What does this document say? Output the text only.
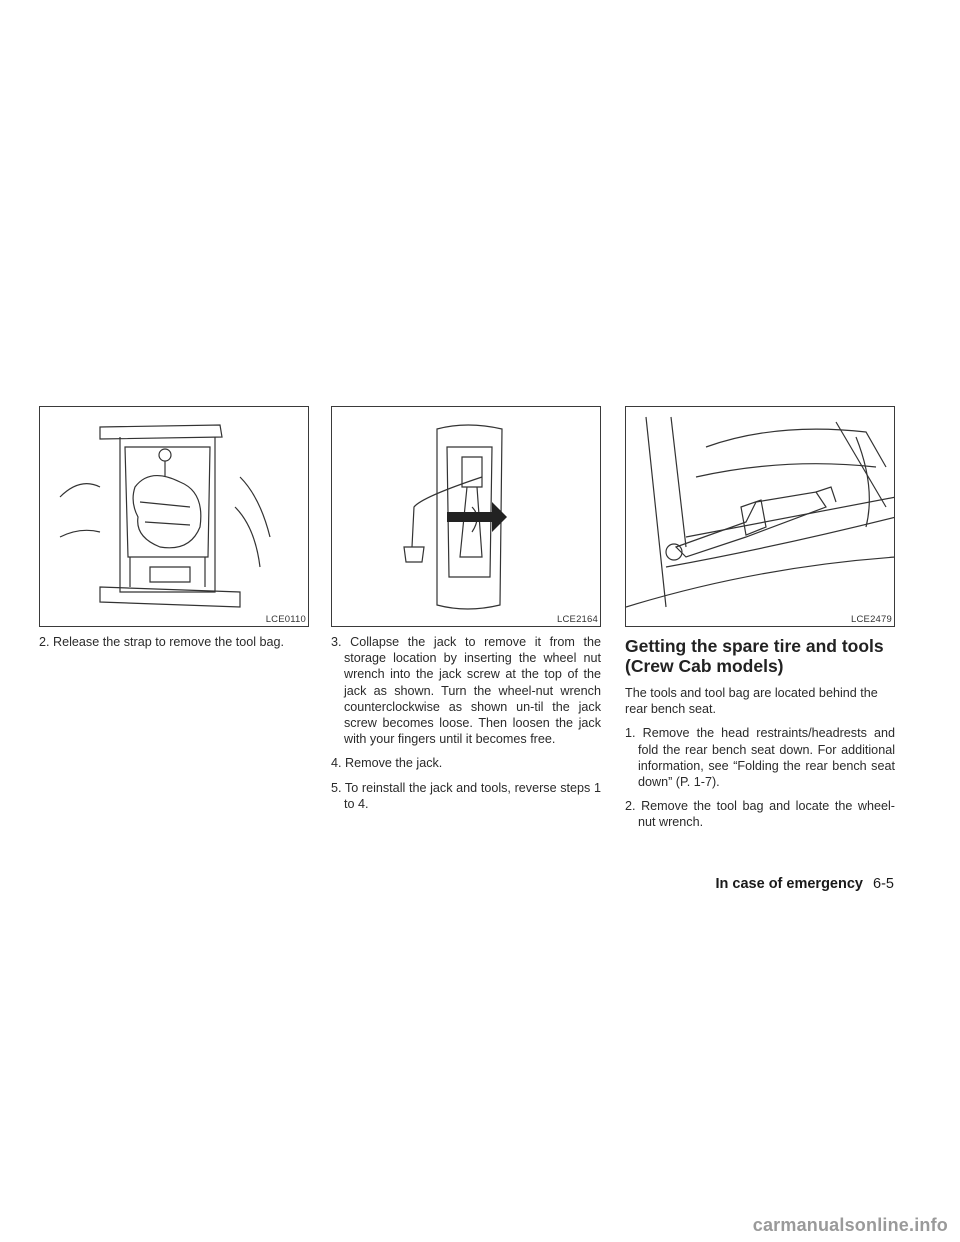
LCE0110	LCE2164	LCE2479

2. Release the strap to remove the tool bag.	3. Collapse the jack to remove it from the storage location by inserting the wheel nut wrench into the jack screw at the top of the jack as shown. Turn the wheel-nut wrench counterclockwise as shown un-til the jack screw becomes loose. Then loosen the jack with your fingers until it becomes free.

4. Remove the jack.

5. To reinstall the jack and tools, reverse steps 1 to 4.

Getting the spare tire and tools (Crew Cab models)

The tools and tool bag are located behind the rear bench seat.

1. Remove the head restraints/headrests and fold the rear bench seat down. For additional information, see “Folding the rear bench seat down” (P. 1-7).

2. Remove the tool bag and locate the wheel-nut wrench.

In case of emergency 6-5
carmanualsonline.info
